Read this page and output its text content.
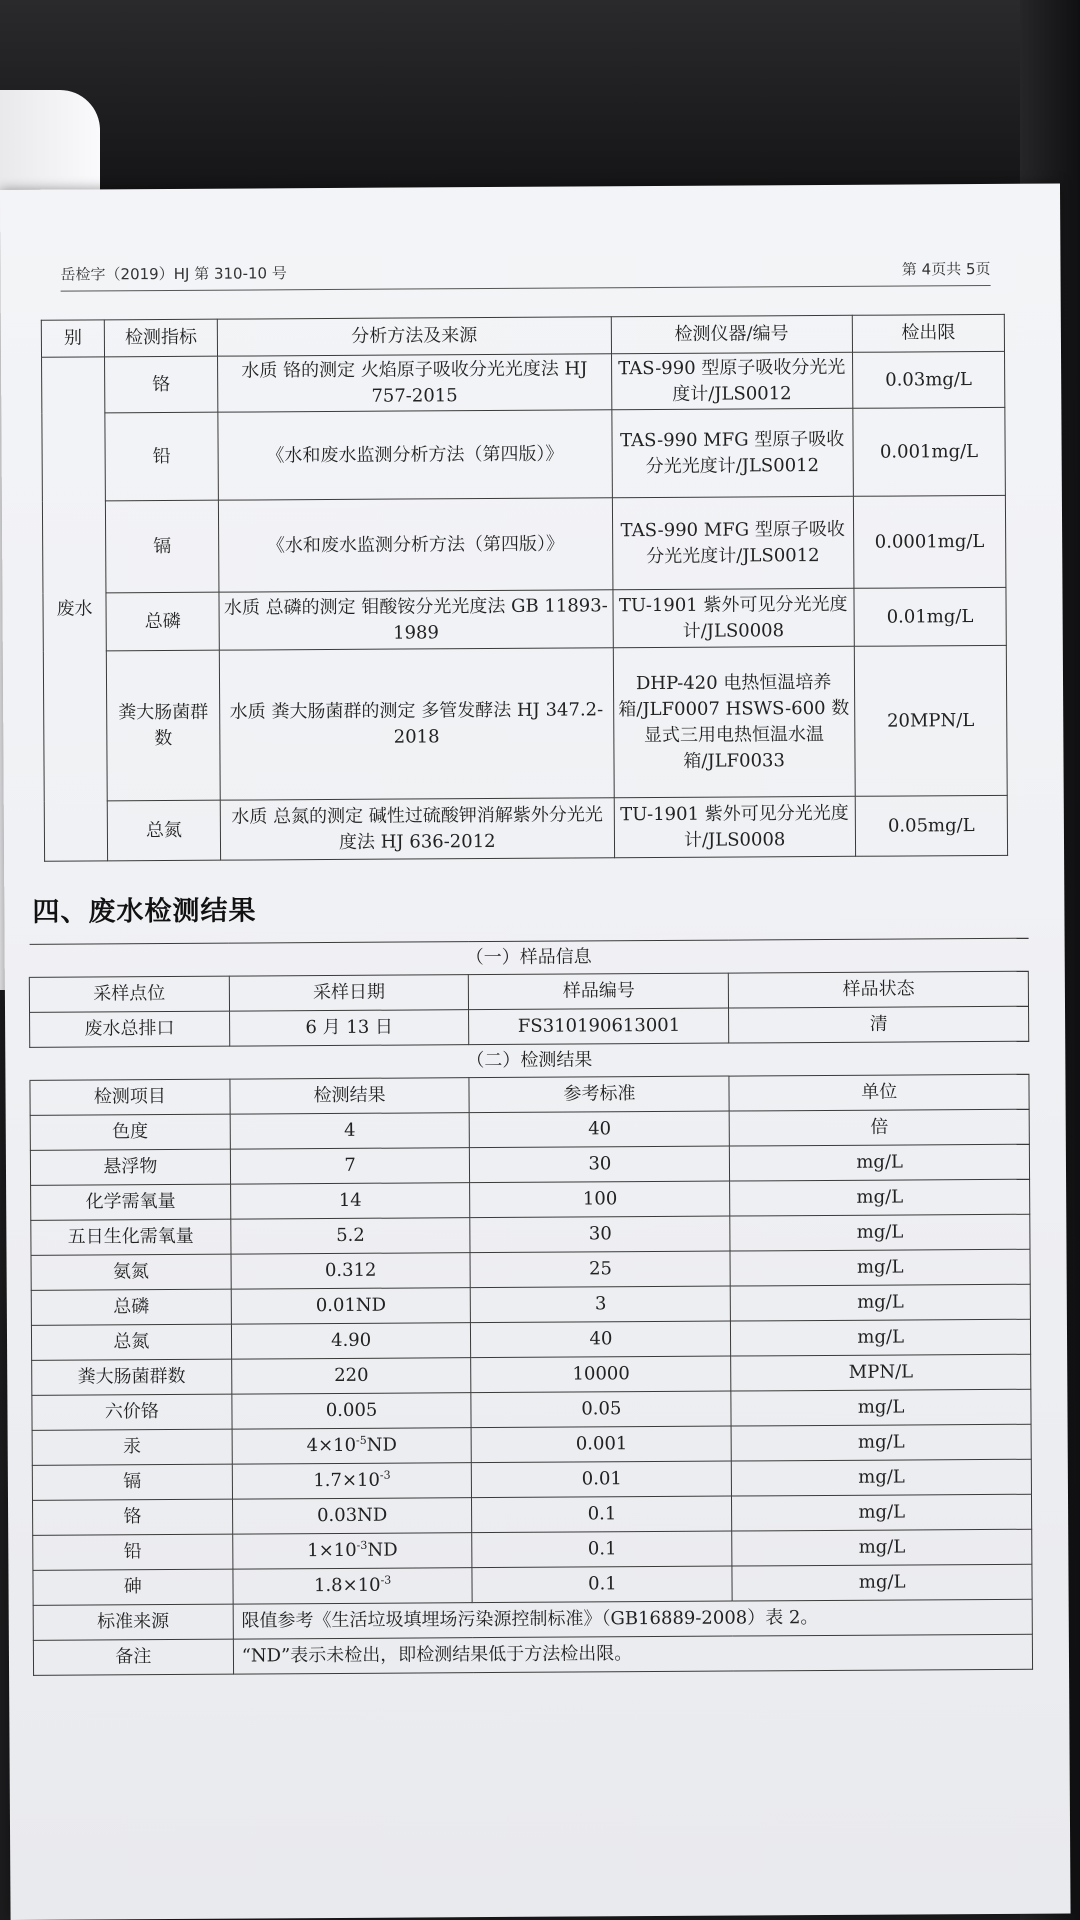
岳检字（2019）HJ 第 310-10 号	第 4页共 5页
别	检测指标	分析方法及来源	检测仪器/编号	检出限
废水	铬	水质 铬的测定 火焰原子吸收分光光度法 HJ 757-2015	TAS-990 型原子吸收分光光度计/JLS0012	0.03mg/L
	铅	《水和废水监测分析方法（第四版）》	TAS-990 MFG 型原子吸收分光光度计/JLS0012	0.001mg/L
	镉	《水和废水监测分析方法（第四版）》	TAS-990 MFG 型原子吸收分光光度计/JLS0012	0.0001mg/L
	总磷	水质 总磷的测定 钼酸铵分光光度法 GB 11893-1989	TU-1901 紫外可见分光光度计/JLS0008	0.01mg/L
	粪大肠菌群数	水质 粪大肠菌群的测定 多管发酵法 HJ 347.2-2018	DHP-420 电热恒温培养箱/JLF0007 HSWS-600 数显式三用电热恒温水温箱/JLF0033	20MPN/L
	总氮	水质 总氮的测定 碱性过硫酸钾消解紫外分光光度法 HJ 636-2012	TU-1901 紫外可见分光光度计/JLS0008	0.05mg/L
四、废水检测结果
（一）样品信息			
采样点位	采样日期	样品编号	样品状态
废水总排口	6 月 13 日	FS310190613001	清
（二）检测结果			
检测项目	检测结果	参考标准	单位
色度	4	40	倍
悬浮物	7	30	mg/L
化学需氧量	14	100	mg/L
五日生化需氧量	5.2	30	mg/L
氨氮	0.312	25	mg/L
总磷	0.01ND	3	mg/L
总氮	4.90	40	mg/L
粪大肠菌群数	220	10000	MPN/L
六价铬	0.005	0.05	mg/L
汞	$4\times 10^{-5}ND$	0.001	mg/L
镉	$1.7\times 10^{-3}$	0.01	mg/L
铬	0.03ND	0.1	mg/L
铅	$1\times 10^{-3}ND$	0.1	mg/L
砷	$1.8\times 10^{-3}$	0.1	mg/L
标准来源	限值参考《生活垃圾填埋场污染源控制标准》（GB16889-2008）表 2。		
备注	“ND”表示未检出，即检测结果低于方法检出限。		
